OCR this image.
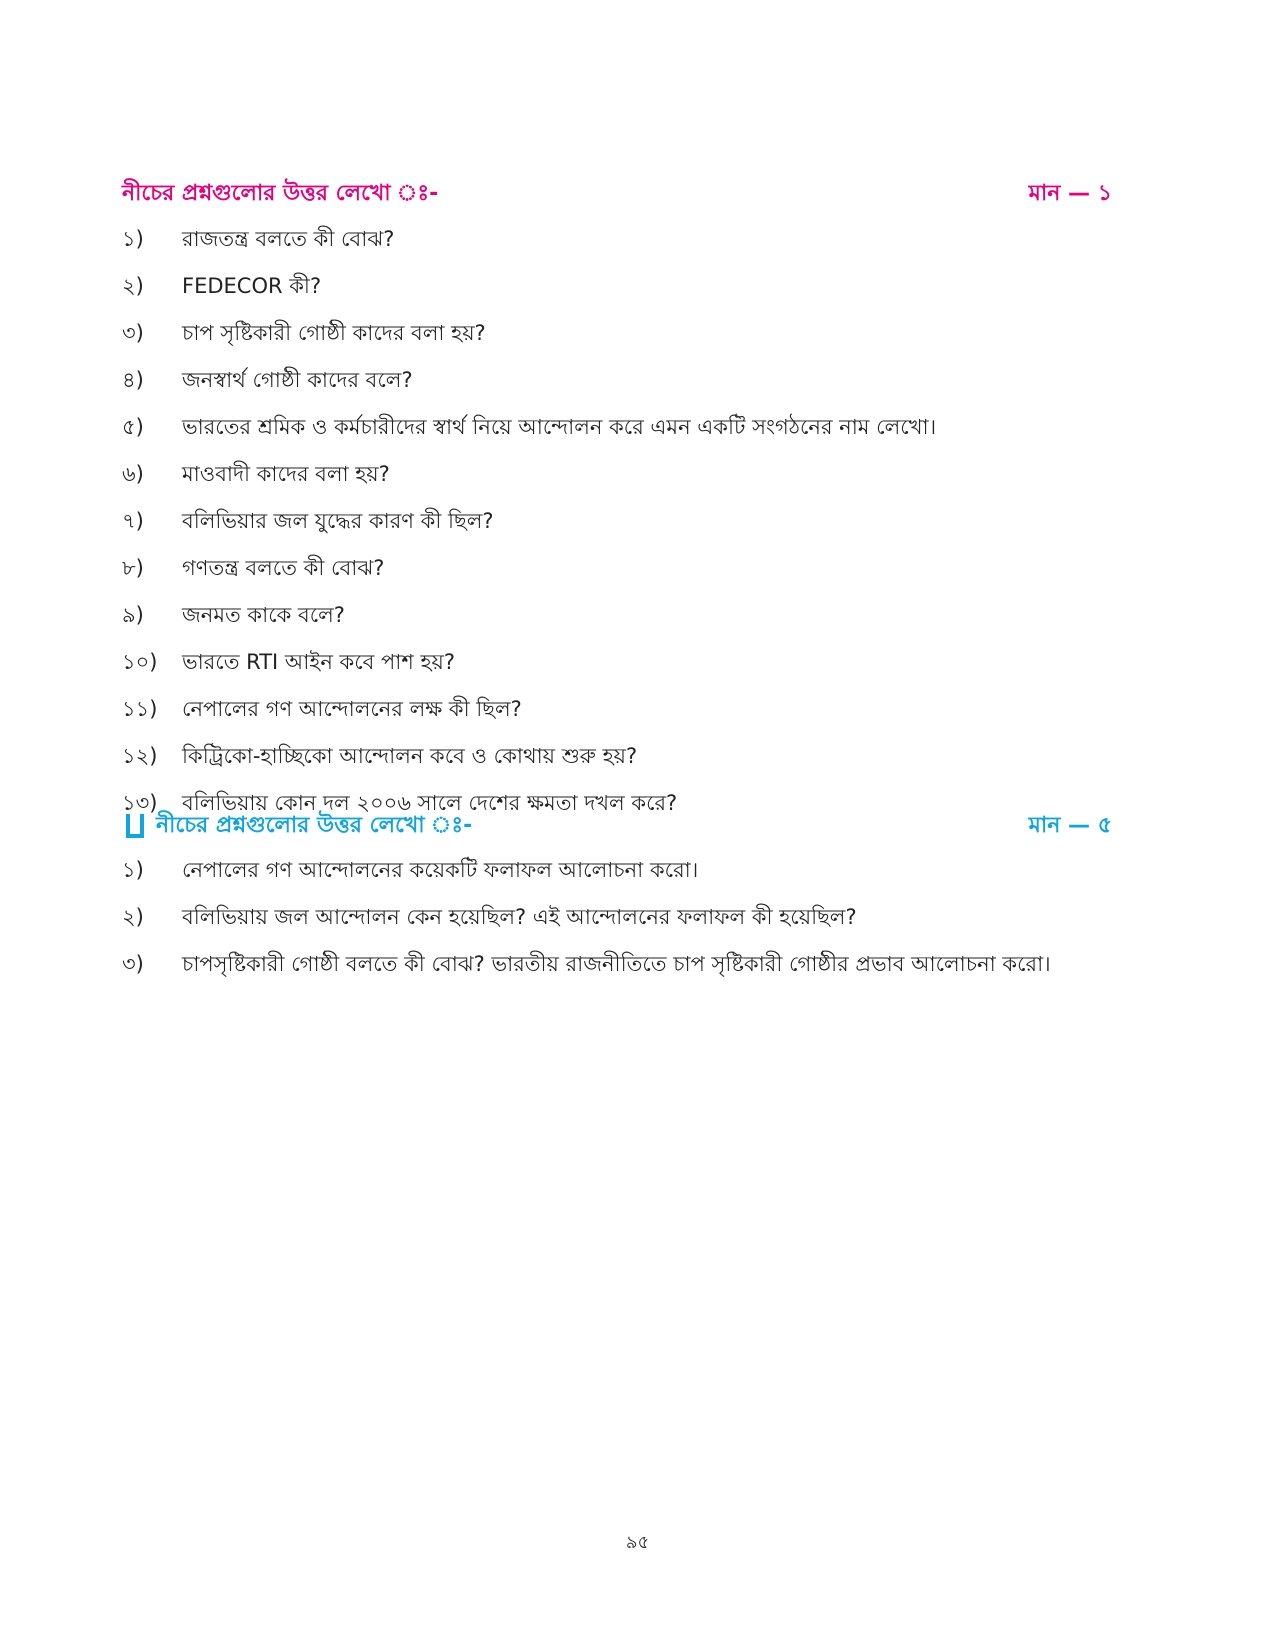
নীচের প্রশ্নগুলোর উত্তর লেখো ঃ-	মান — ১
১)	রাজতন্ত্র বলতে কী বোঝ?
২)	FEDECOR কী?
৩)	চাপ সৃষ্টিকারী গোষ্ঠী কাদের বলা হয়?
৪)	জনস্বার্থ গোষ্ঠী কাদের বলে?
৫)	ভারতের শ্রমিক ও কর্মচারীদের স্বার্থ নিয়ে আন্দোলন করে এমন একটি সংগঠনের নাম লেখো।
৬)	মাওবাদী কাদের বলা হয়?
৭)	বলিভিয়ার জল যুদ্ধের কারণ কী ছিল?
৮)	গণতন্ত্র বলতে কী বোঝ?
৯)	জনমত কাকে বলে?
১০)	ভারতে RTI আইন কবে পাশ হয়?
১১)	নেপালের গণ আন্দোলনের লক্ষ কী ছিল?
১২)	কিট্রিকো-হাচ্ছিকো আন্দোলন কবে ও কোথায় শুরু হয়?
১৩)	বলিভিয়ায় কোন দল ২০০৬ সালে দেশের ক্ষমতা দখল করে?
নীচের প্রশ্নগুলোর উত্তর লেখো ঃ-	মান — ৫
১)	নেপালের গণ আন্দোলনের কয়েকটি ফলাফল আলোচনা করো।
২)	বলিভিয়ায় জল আন্দোলন কেন হয়েছিল? এই আন্দোলনের ফলাফল কী হয়েছিল?
৩)	চাপসৃষ্টিকারী গোষ্ঠী বলতে কী বোঝ? ভারতীয় রাজনীতিতে চাপ সৃষ্টিকারী গোষ্ঠীর প্রভাব আলোচনা করো।
৯৫
